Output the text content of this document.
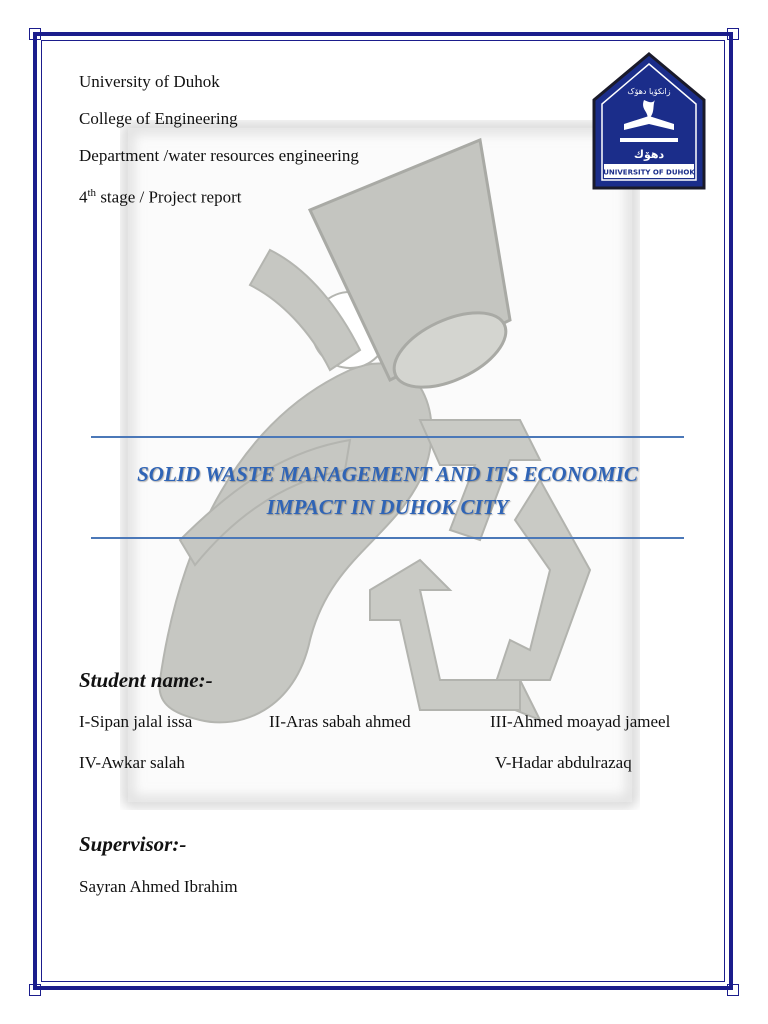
University of Duhok

College of Engineering

Department /water resources engineering

4th stage / Project report

زانکۆیا دهۆک
ﺩﻫﯚﻙ
UNIVERSITY OF DUHOK
SOLID WASTE MANAGEMENT AND ITS ECONOMIC
IMPACT IN DUHOK CITY
Student name:-

I-Sipan jalal issa	II-Aras sabah ahmed	III-Ahmed moayad jameel

IV-Awkar salah	V-Hadar abdulrazaq

Supervisor:-

Sayran Ahmed Ibrahim
